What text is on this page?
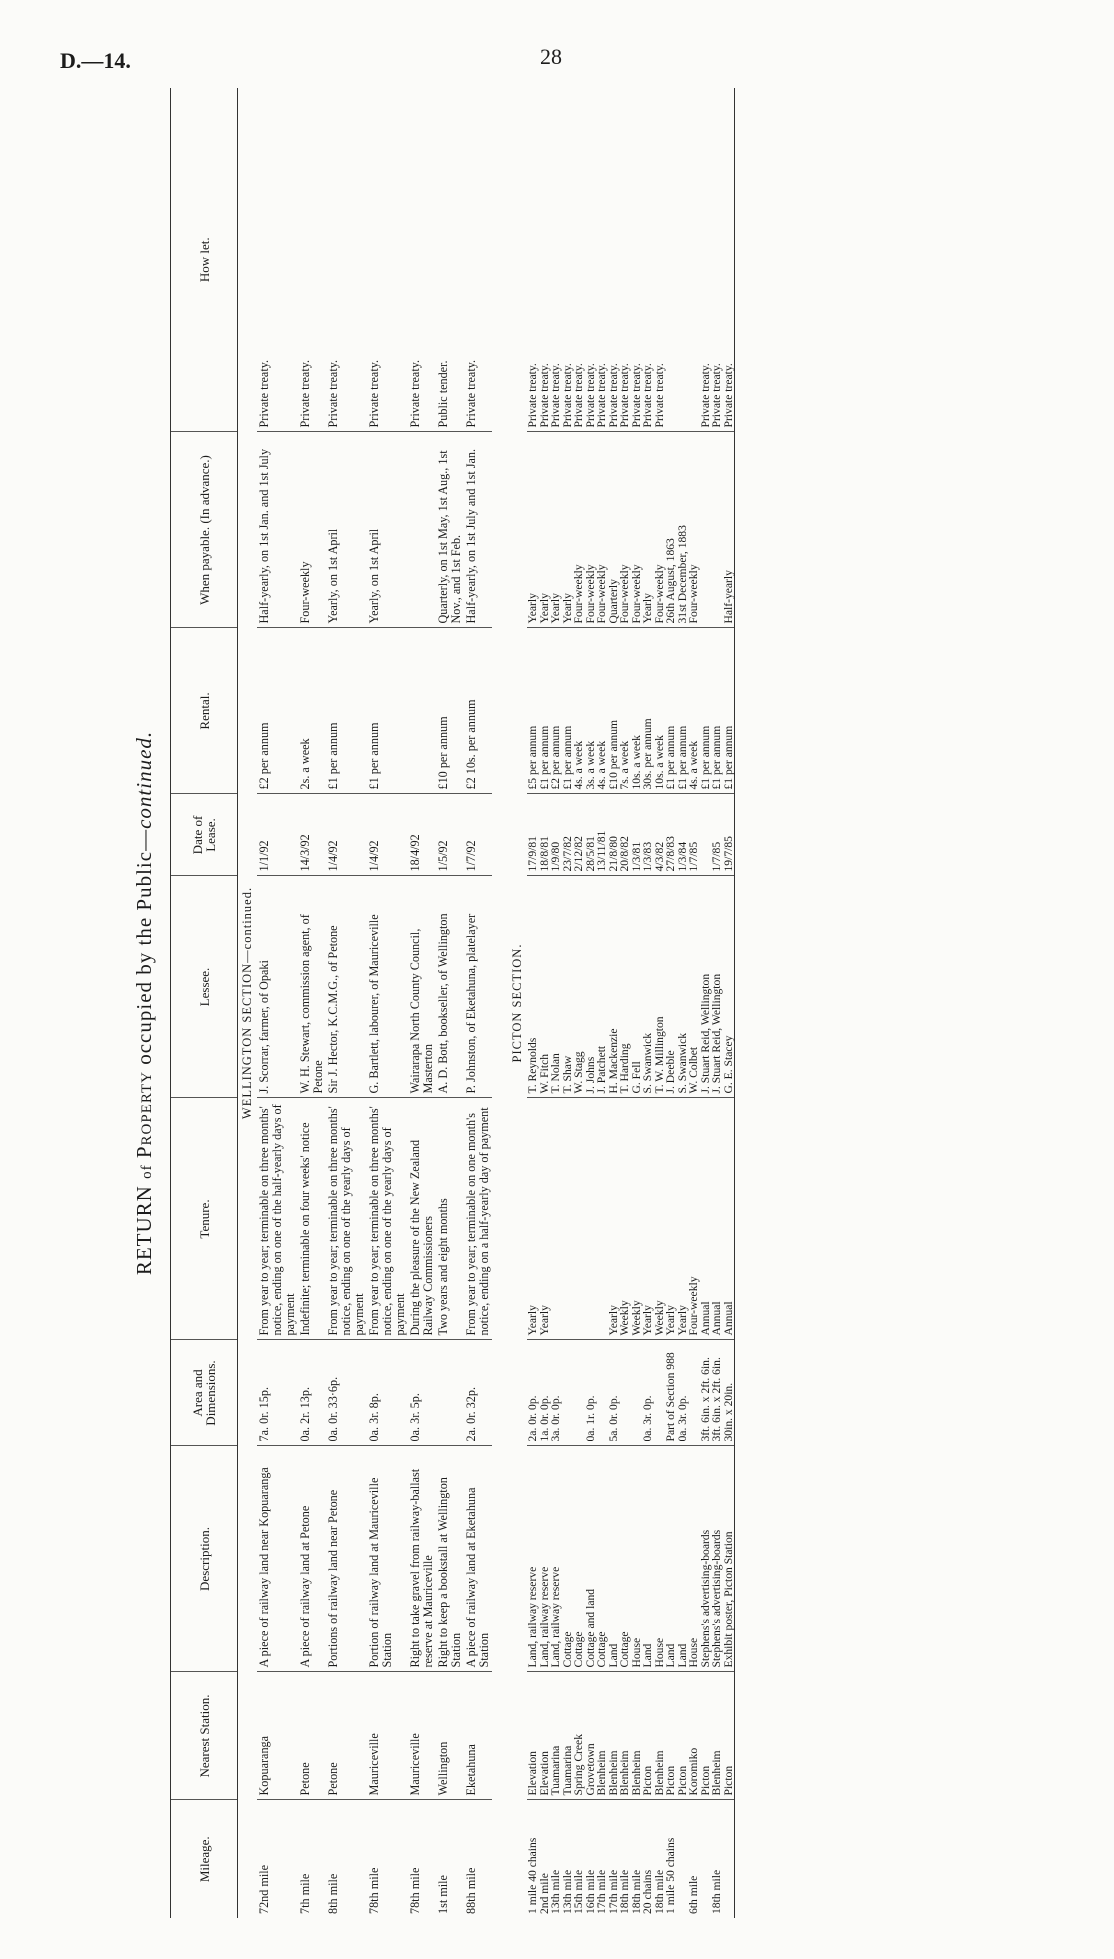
D.—14.	28
RETURN of PROPERTY occupied by the Public—continued.
Mileage.	Nearest Station.	Description.	Area and Dimensions.	Tenure.	Lessee.	Date of Lease.	Rental.	When payable. (In advance.)	How let.
WELLINGTON SECTION—continued.									
72nd mile	Kopuaranga	A piece of railway land near Kopuaranga	7a. 0r. 15p.	From year to year; terminable on three months' notice, ending on one of the half-yearly days of payment	J. Scorrar, farmer, of Opaki	1/1/92	£2 per annum	Half-yearly, on 1st Jan. and 1st July	Private treaty.
7th mile	Petone	A piece of railway land at Petone	0a. 2r. 13p.	Indefinite; terminable on four weeks' notice	W. H. Stewart, commission agent, of Petone	14/3/92	2s. a week	Four-weekly	Private treaty.
8th mile	Petone	Portions of railway land near Petone	0a. 0r. 33·6p.	From year to year; terminable on three months' notice, ending on one of the yearly days of payment	Sir J. Hector, K.C.M.G., of Petone	1/4/92	£1 per annum	Yearly, on 1st April	Private treaty.
78th mile	Mauriceville	Portion of railway land at Mauriceville Station	0a. 3r. 8p.	From year to year; terminable on three months' notice, ending on one of the yearly days of payment	G. Bartlett, labourer, of Mauriceville	1/4/92	£1 per annum	Yearly, on 1st April	Private treaty.
78th mile	Mauriceville	Right to take gravel from railway-ballast reserve at Mauriceville	0a. 3r. 5p.	During the pleasure of the New Zealand Railway Commissioners	Wairarapa North County Council, Masterton	18/4/92			Private treaty.
1st mile	Wellington	Right to keep a bookstall at Wellington Station		Two years and eight months	A. D. Bott, bookseller, of Wellington	1/5/92	£10 per annum	Quarterly, on 1st May, 1st Aug., 1st Nov., and 1st Feb.	Public tender.
88th mile	Eketahuna	A piece of railway land at Eketahuna Station	2a. 0r. 32p.	From year to year; terminable on one month's notice, ending on a half-yearly day of payment	P. Johnston, of Eketahuna, platelayer	1/7/92	£2 10s. per annum	Half-yearly, on 1st July and 1st Jan.	Private treaty.

PICTON SECTION.									
1 mile 40 chains	Elevation	Land, railway reserve	2a. 0r. 0p.	Yearly	T. Reynolds	17/9/81	£5 per annum	Yearly	Private treaty.
2nd mile	Elevation	Land, railway reserve	1a. 0r. 0p.	Yearly	W. Fitch	18/8/81	£1 per annum	Yearly	Private treaty.
13th mile	Tuamarina	Land, railway reserve	3a. 0r. 0p.		T. Nolan	1/9/80	£2 per annum	Yearly	Private treaty.
13th mile	Tuamarina	Cottage			T. Shaw	23/7/82	£1 per annum	Yearly	Private treaty.
15th mile	Spring Creek	Cottage			W. Stagg	2/12/82	4s. a week	Four-weekly	Private treaty.
16th mile	Grovetown	Cottage and land	0a. 1r. 0p.		J. Johns	28/5/81	3s. a week	Four-weekly	Private treaty.
17th mile	Blenheim	Cottage			J. Patchett	13/11/81	4s. a week	Four-weekly	Private treaty.
17th mile	Blenheim	Land	5a. 0r. 0p.	Yearly	H. Mackenzie	21/8/80	£10 per annum	Quarterly	Private treaty.
18th mile	Blenheim	Cottage		Weekly	T. Harding	20/8/82	7s. a week	Four-weekly	Private treaty.
18th mile	Blenheim	House		Weekly	G. Fell	1/3/81	10s. a week	Four-weekly	Private treaty.
20 chains	Picton	Land	0a. 3r. 0p.	Yearly	S. Swanwick	1/3/83	30s. per annum	Yearly	Private treaty.
18th mile	Blenheim	House		Weekly	T. W. Millington	4/3/82	10s. a week	Four-weekly	Private treaty.
1 mile 50 chains	Picton	Land	Part of Section 988	Yearly	J. Deeble	27/8/83	£1 per annum	26th August, 1863	
	Picton	Land	0a. 3r. 0p.	Yearly	S. Swanwick	1/3/84	£1 per annum	31st December, 1883	
6th mile	Koromiko	House		Four-weekly	W. Colbet	1/7/85	4s. a week	Four-weekly	
	Picton	Stephens's advertising-boards	3ft. 6in. x 2ft. 6in.	Annual	J. Stuart Reid, Wellington		£1 per annum		Private treaty.
18th mile	Blenheim	Stephens's advertising-boards	3ft. 6in. x 2ft. 6in.	Annual	J. Stuart Reid, Wellington	1/7/85	£1 per annum		Private treaty.
	Picton	Exhibit poster, Picton Station	30in. x 20in.	Annual	G. E. Stacey	19/7/85	£1 per annum	Half-yearly	Private treaty.
